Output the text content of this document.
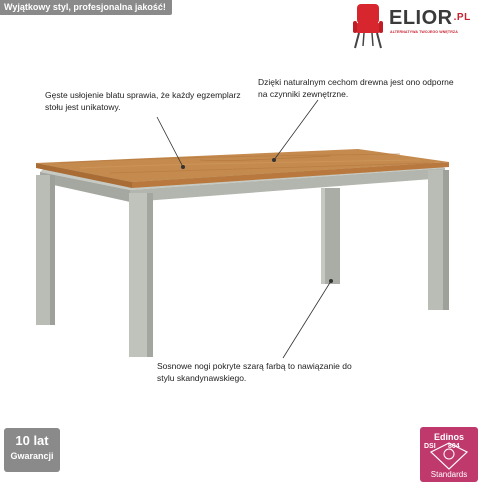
Wyjątkowy styl, profesjonalna jakość!	$ELIOR^{.PL}$
ALTERNATYWA TWOJEGO WNĘTRZA
Gęste usłojenie blatu sprawia, że każdy egzemplarz stołu jest unikatowy.
Dzięki naturalnym cechom drewna jest ono odporne na czynniki zewnętrzne.
Sosnowe nogi pokryte szarą farbą to nawiązanie do stylu skandynawskiego.
10 lat
Gwarancji
Edinos
DSI 804
Standards
